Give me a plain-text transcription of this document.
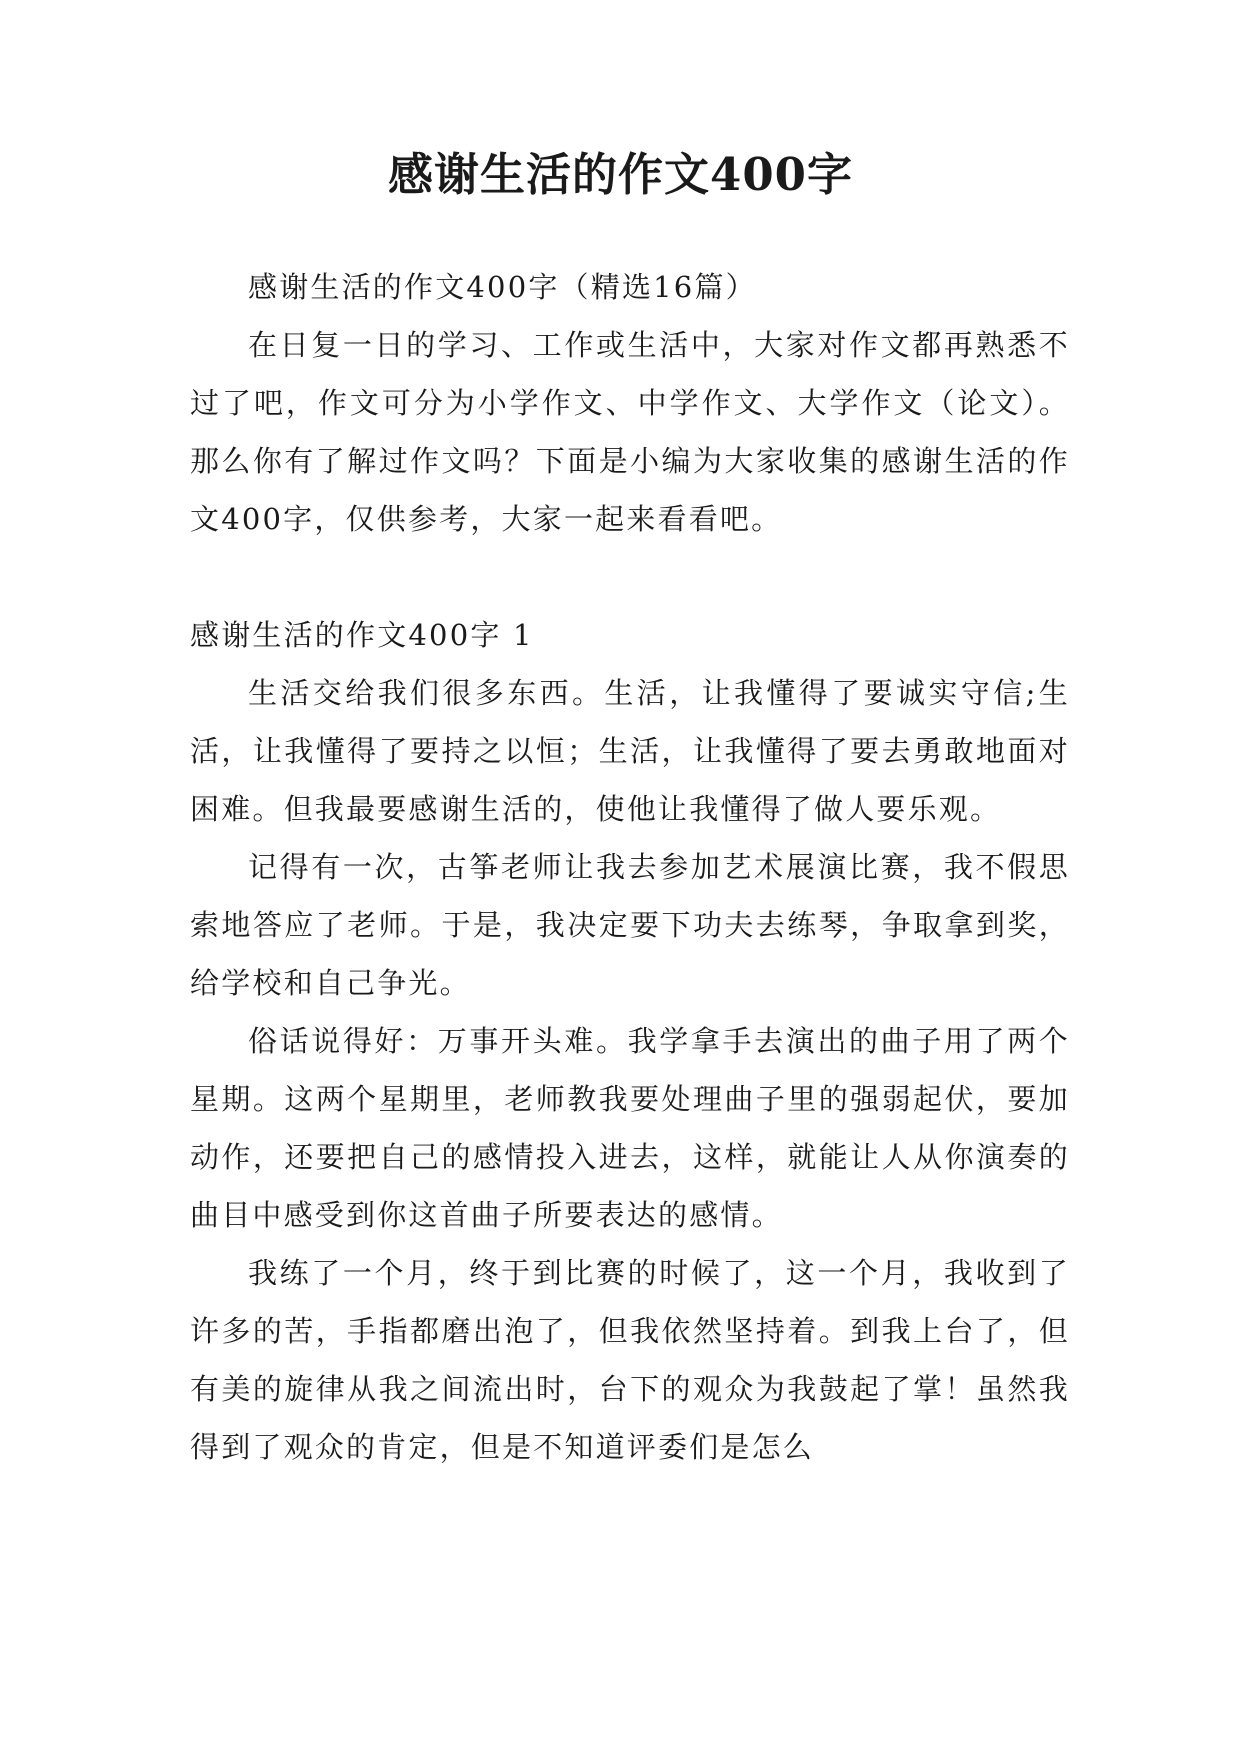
感谢生活的作文400字

感谢生活的作文400字（精选16篇）

在日复一日的学习、工作或生活中，大家对作文都再熟悉不过了吧，作文可分为小学作文、中学作文、大学作文（论文）。那么你有了解过作文吗？下面是小编为大家收集的感谢生活的作文400字，仅供参考，大家一起来看看吧。

感谢生活的作文400字 1

生活交给我们很多东西。生活，让我懂得了要诚实守信;生活，让我懂得了要持之以恒；生活，让我懂得了要去勇敢地面对困难。但我最要感谢生活的，使他让我懂得了做人要乐观。

记得有一次，古筝老师让我去参加艺术展演比赛，我不假思索地答应了老师。于是，我决定要下功夫去练琴，争取拿到奖，给学校和自己争光。

俗话说得好：万事开头难。我学拿手去演出的曲子用了两个星期。这两个星期里，老师教我要处理曲子里的强弱起伏，要加动作，还要把自己的感情投入进去，这样，就能让人从你演奏的曲目中感受到你这首曲子所要表达的感情。

我练了一个月，终于到比赛的时候了，这一个月，我收到了许多的苦，手指都磨出泡了，但我依然坚持着。到我上台了，但有美的旋律从我之间流出时，台下的观众为我鼓起了掌！虽然我得到了观众的肯定，但是不知道评委们是怎么
